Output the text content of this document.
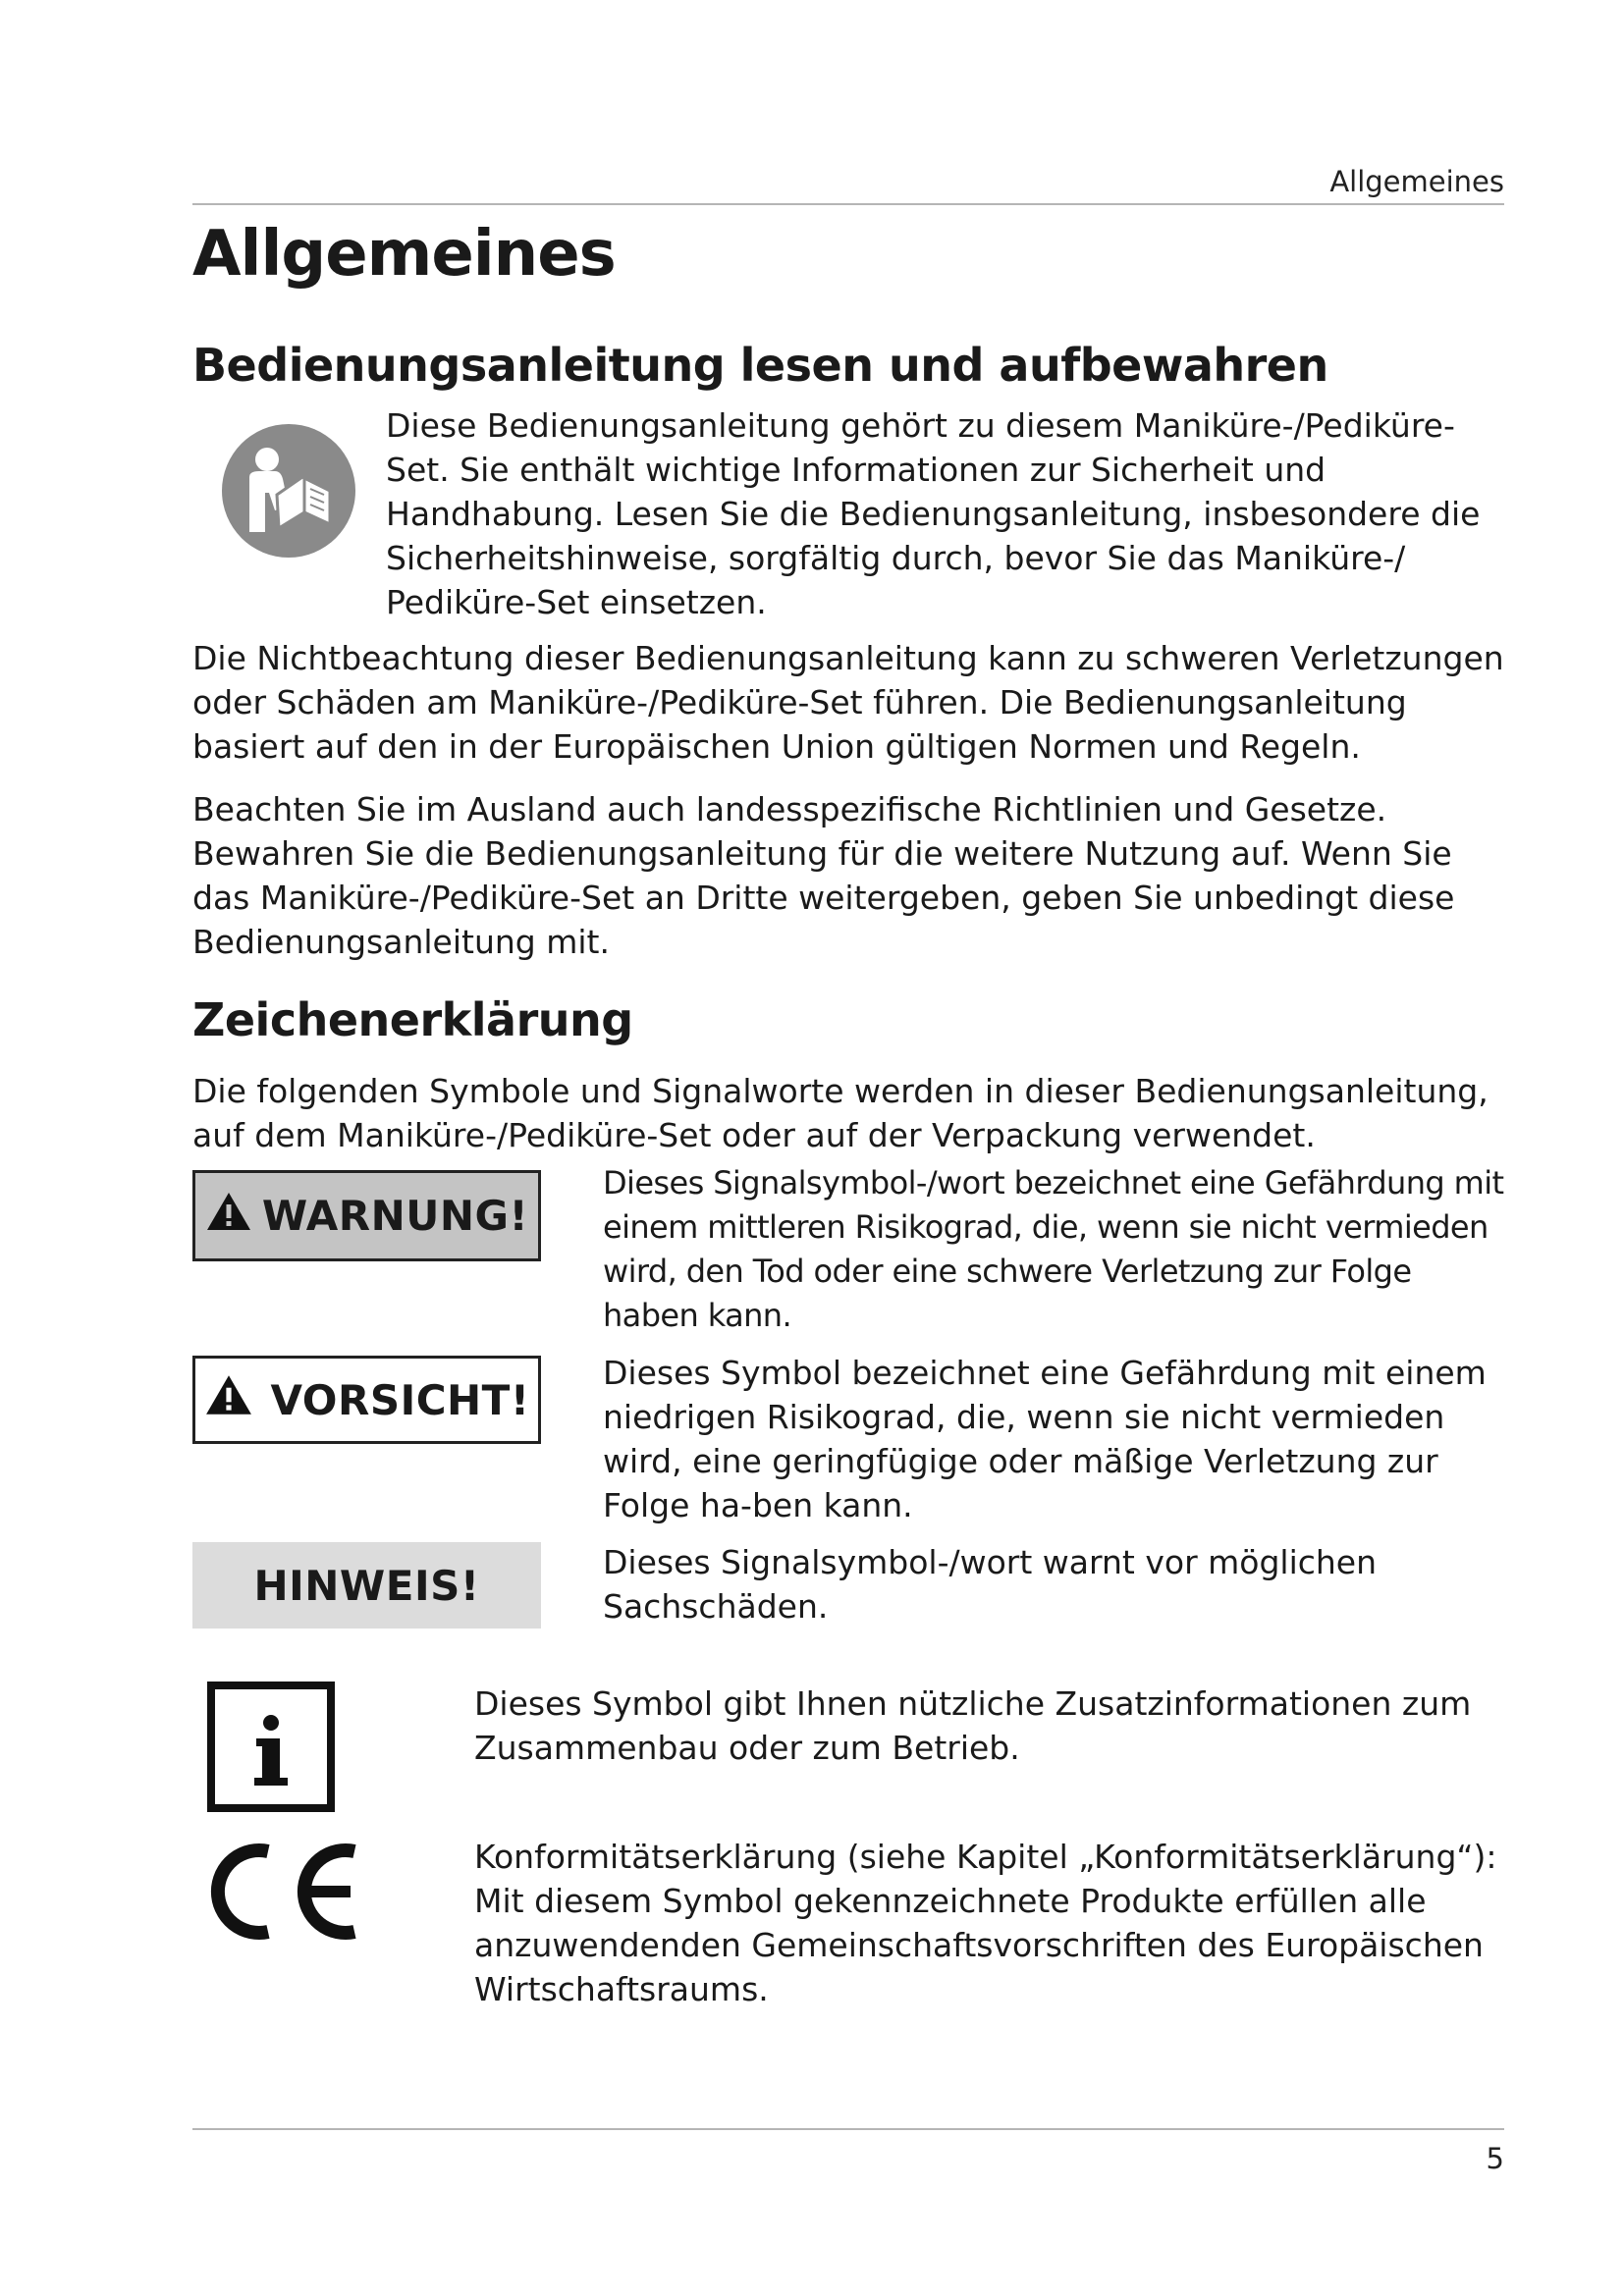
Allgemeines
Allgemeines
Bedienungsanleitung lesen und aufbewahren

Diese Bedienungsanleitung gehört zu diesem Maniküre-/Pediküre-Set. Sie enthält wichtige Informationen zur Sicherheit und Handhabung. Lesen Sie die Bedienungsanleitung, insbesondere die Sicherheitshinweise, sorgfältig durch, bevor Sie das Maniküre-/ Pediküre-Set einsetzen.

Die Nichtbeachtung dieser Bedienungsanleitung kann zu schweren Verletzungen oder Schäden am Maniküre-/Pediküre-Set führen. Die Bedienungsanleitung basiert auf den in der Europäischen Union gültigen Normen und Regeln.

Beachten Sie im Ausland auch landesspezifische Richtlinien und Gesetze. Bewahren Sie die Bedienungsanleitung für die weitere Nutzung auf. Wenn Sie das Maniküre-/Pediküre-Set an Dritte weitergeben, geben Sie unbedingt diese Bedienungsanleitung mit.

Zeichenerklärung

Die folgenden Symbole und Signalworte werden in dieser Bedienungsanleitung, auf dem Maniküre-/Pediküre-Set oder auf der Verpackung verwendet.

WARNUNG!

Dieses Signalsymbol-/wort bezeichnet eine Gefährdung mit einem mittleren Risikograd, die, wenn sie nicht vermieden wird, den Tod oder eine schwere Verletzung zur Folge haben kann.

VORSICHT!

Dieses Symbol bezeichnet eine Gefährdung mit einem niedrigen Risikograd, die, wenn sie nicht vermieden wird, eine geringfügige oder mäßige Verletzung zur Folge ha-ben kann.

HINWEIS!	Dieses Signalsymbol-/wort warnt vor möglichen Sachschäden.

Dieses Symbol gibt Ihnen nützliche Zusatzinformationen zum Zusammenbau oder zum Betrieb.

Konformitätserklärung (siehe Kapitel „Konformitätserklärung“): Mit diesem Symbol gekennzeichnete Produkte erfüllen alle anzuwendenden Gemeinschaftsvorschriften des Europäischen Wirtschaftsraums.

5
